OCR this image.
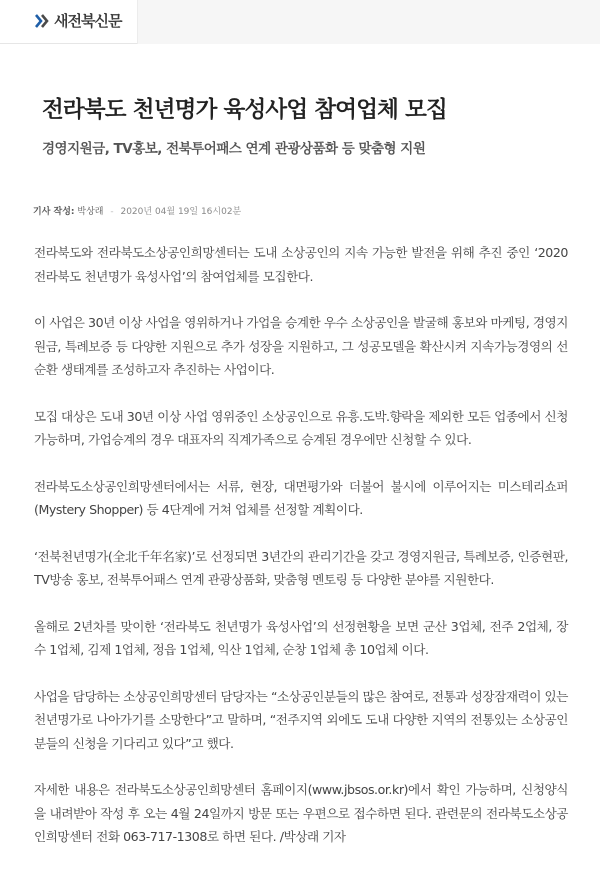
새전북신문
전라북도 천년명가 육성사업 참여업체 모집
경영지원금, TV홍보, 전북투어패스 연계 관광상품화 등 맞춤형 지원
기사 작성: 박상래 - 2020년 04월 19일 16시02분

전라북도와 전라북도소상공인희망센터는 도내 소상공인의 지속 가능한 발전을 위해 추진 중인 ‘2020 전라북도 천년명가 육성사업’의 참여업체를 모집한다.

이 사업은 30년 이상 사업을 영위하거나 가업을 승계한 우수 소상공인을 발굴해 홍보와 마케팅, 경영지원금, 특례보증 등 다양한 지원으로 추가 성장을 지원하고, 그 성공모델을 확산시켜 지속가능경영의 선순환 생태계를 조성하고자 추진하는 사업이다.

모집 대상은 도내 30년 이상 사업 영위중인 소상공인으로 유흥.도박.향락을 제외한 모든 업종에서 신청가능하며, 가업승계의 경우 대표자의 직계가족으로 승계된 경우에만 신청할 수 있다.

전라북도소상공인희망센터에서는 서류, 현장, 대면평가와 더불어 불시에 이루어지는 미스테리쇼퍼(Mystery Shopper) 등 4단계에 거쳐 업체를 선정할 계획이다.

‘전북천년명가(全北千年名家)’로 선정되면 3년간의 관리기간을 갖고 경영지원금, 특례보증, 인증현판, TV방송 홍보, 전북투어패스 연계 관광상품화, 맞춤형 멘토링 등 다양한 분야를 지원한다.

올해로 2년차를 맞이한 ‘전라북도 천년명가 육성사업’의 선정현황을 보면 군산 3업체, 전주 2업체, 장수 1업체, 김제 1업체, 정읍 1업체, 익산 1업체, 순창 1업체 총 10업체 이다.

사업을 담당하는 소상공인희망센터 담당자는 “소상공인분들의 많은 참여로, 전통과 성장잠재력이 있는 천년명가로 나아가기를 소망한다”고 말하며, “전주지역 외에도 도내 다양한 지역의 전통있는 소상공인 분들의 신청을 기다리고 있다”고 했다.

자세한 내용은 전라북도소상공인희망센터 홈페이지(www.jbsos.or.kr)에서 확인 가능하며, 신청양식을 내려받아 작성 후 오는 4월 24일까지 방문 또는 우편으로 접수하면 된다. 관련문의 전라북도소상공인희망센터 전화 063-717-1308로 하면 된다. /박상래 기자
